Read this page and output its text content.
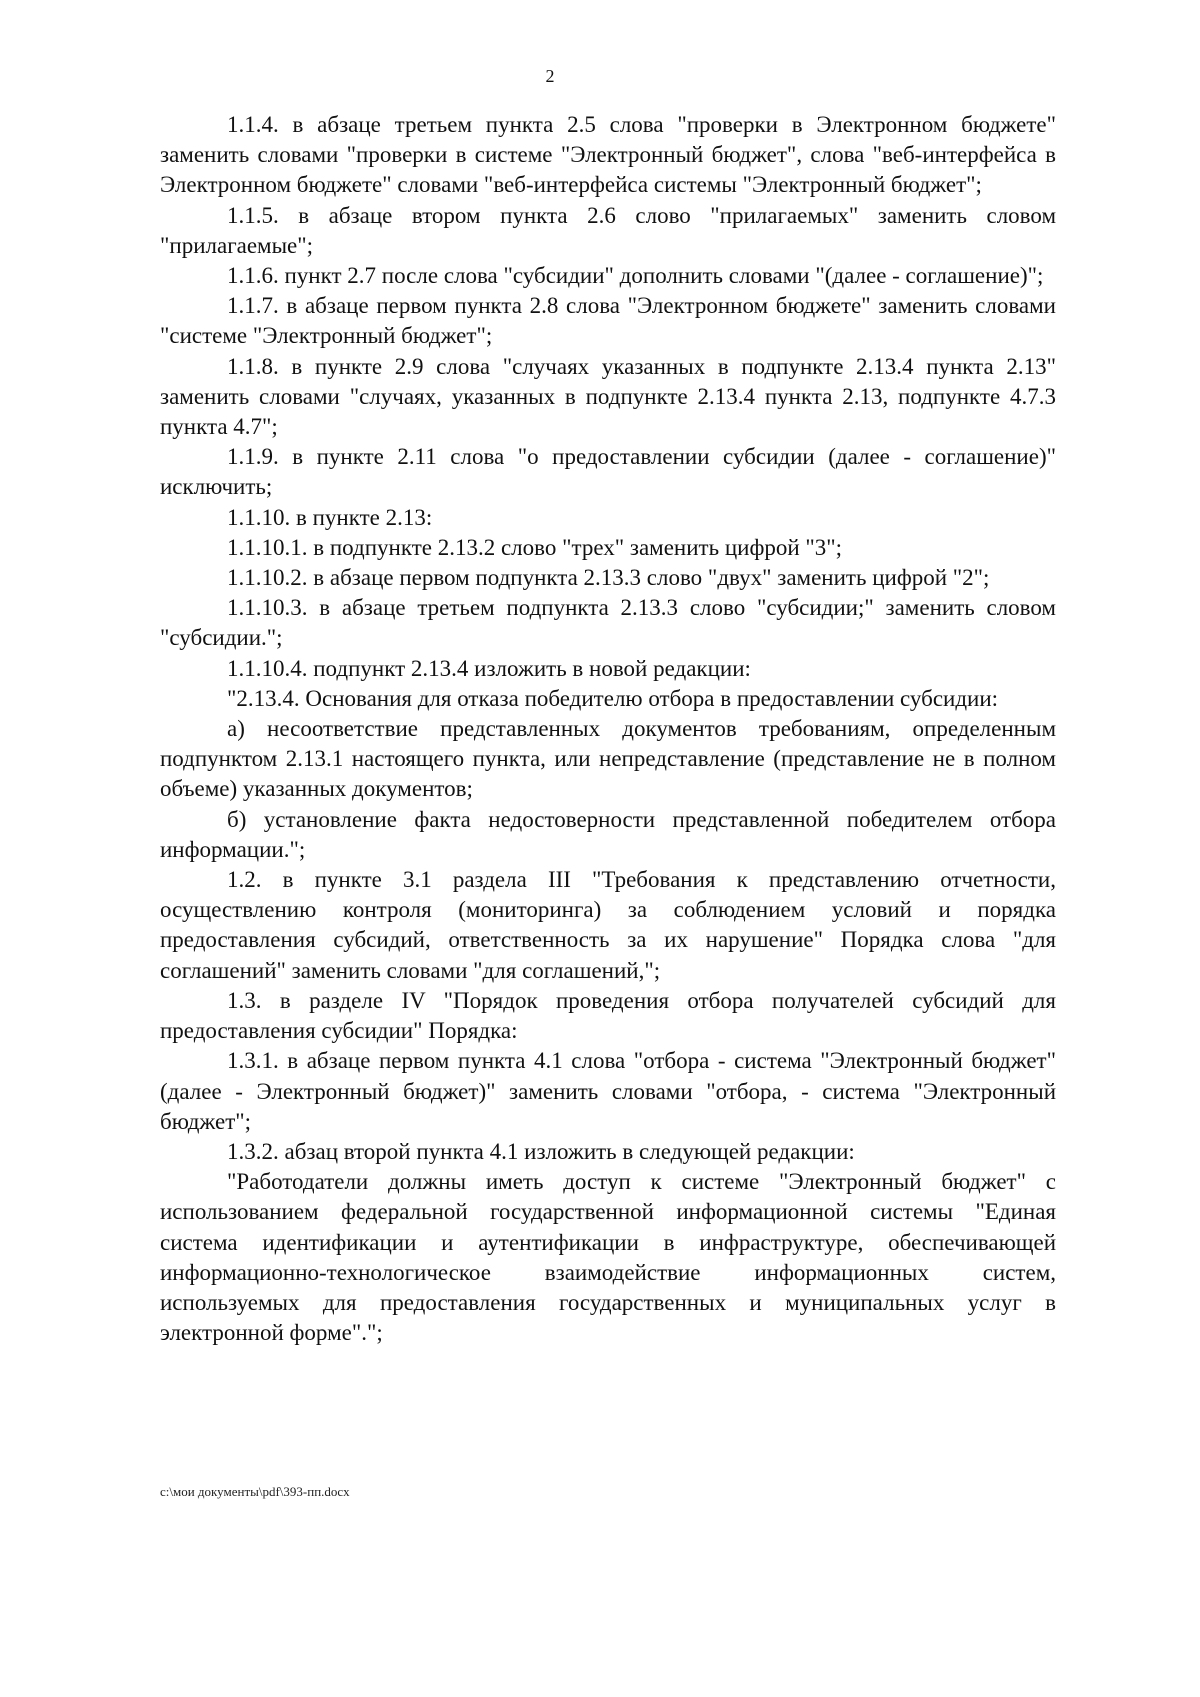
2

1.1.4. в абзаце третьем пункта 2.5 слова "проверки в Электронном бюджете" заменить словами "проверки в системе "Электронный бюджет", слова "веб-интерфейса в Электронном бюджете" словами "веб-интерфейса системы "Электронный бюджет";

1.1.5. в абзаце втором пункта 2.6 слово "прилагаемых" заменить словом "прилагаемые";

1.1.6. пункт 2.7 после слова "субсидии" дополнить словами "(далее - соглашение)";

1.1.7. в абзаце первом пункта 2.8 слова "Электронном бюджете" заменить словами "системе "Электронный бюджет";

1.1.8. в пункте 2.9 слова "случаях указанных в подпункте 2.13.4 пункта 2.13" заменить словами "случаях, указанных в подпункте 2.13.4 пункта 2.13, подпункте 4.7.3 пункта 4.7";

1.1.9. в пункте 2.11 слова "о предоставлении субсидии (далее - соглашение)" исключить;

1.1.10. в пункте 2.13:

1.1.10.1. в подпункте 2.13.2 слово "трех" заменить цифрой "3";

1.1.10.2. в абзаце первом подпункта 2.13.3 слово "двух" заменить цифрой "2";

1.1.10.3. в абзаце третьем подпункта 2.13.3 слово "субсидии;" заменить словом "субсидии.";

1.1.10.4. подпункт 2.13.4 изложить в новой редакции:

"2.13.4. Основания для отказа победителю отбора в предоставлении субсидии:

а) несоответствие представленных документов требованиям, определенным подпунктом 2.13.1 настоящего пункта, или непредставление (представление не в полном объеме) указанных документов;

б) установление факта недостоверности представленной победителем отбора информации.";

1.2. в пункте 3.1 раздела III "Требования к представлению отчетности, осуществлению контроля (мониторинга) за соблюдением условий и порядка предоставления субсидий, ответственность за их нарушение" Порядка слова "для соглашений" заменить словами "для соглашений,";

1.3. в разделе IV "Порядок проведения отбора получателей субсидий для предоставления субсидии" Порядка:

1.3.1. в абзаце первом пункта 4.1 слова "отбора - система "Электронный бюджет" (далее - Электронный бюджет)" заменить словами "отбора, - система "Электронный бюджет";

1.3.2. абзац второй пункта 4.1 изложить в следующей редакции:

"Работодатели должны иметь доступ к системе "Электронный бюджет" с использованием федеральной государственной информационной системы "Единая система идентификации и аутентификации в инфраструктуре, обеспечивающей информационно-технологическое взаимодействие информационных систем, используемых для предоставления государственных и муниципальных услуг в электронной форме".";

c:\мои документы\pdf\393-пп.docx
